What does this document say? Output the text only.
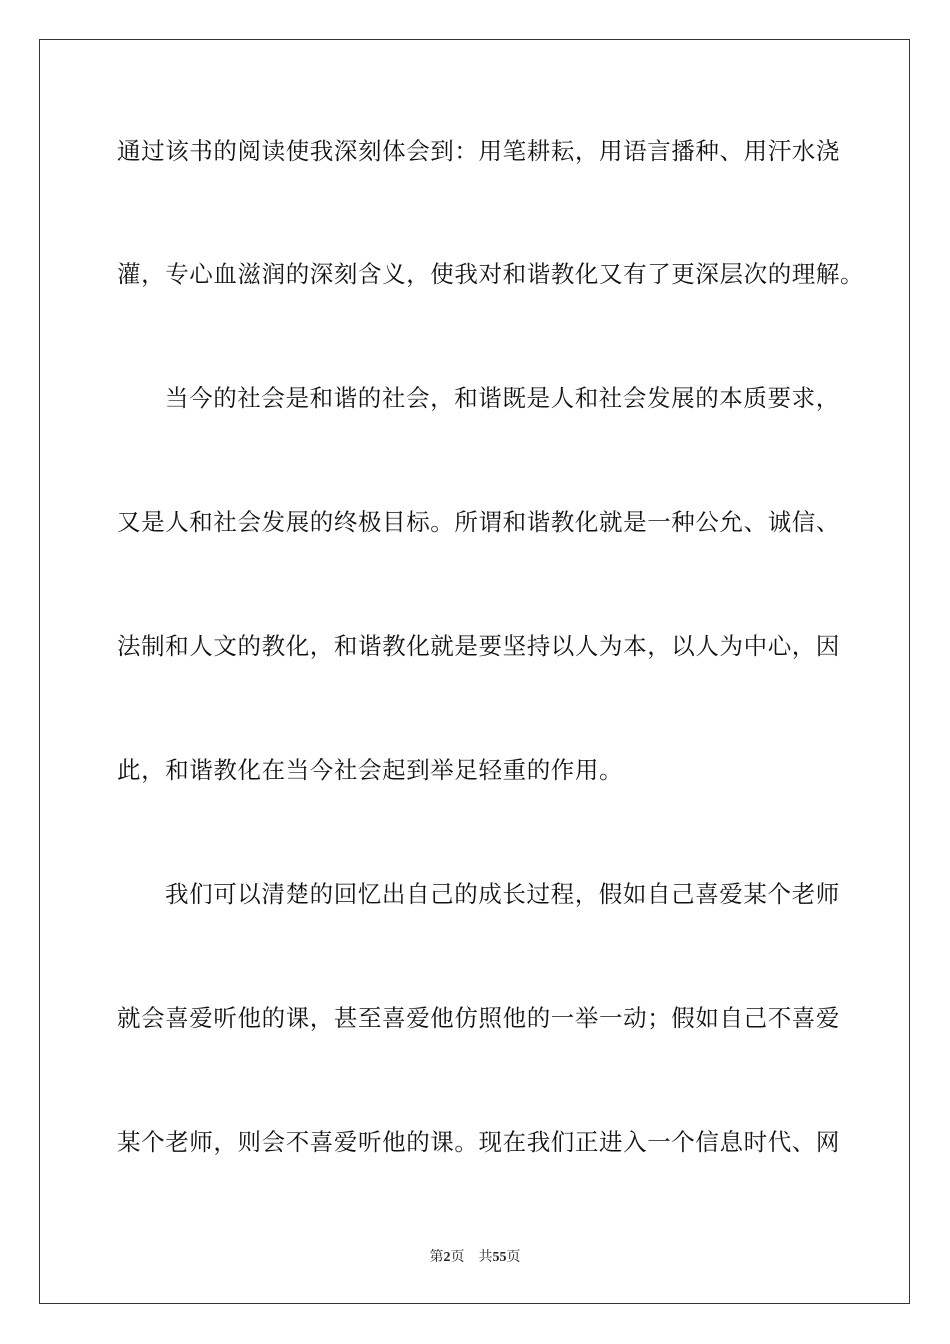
通过该书的阅读使我深刻体会到：用笔耕耘，用语言播种、用汗水浇
灌，专心血滋润的深刻含义，使我对和谐教化又有了更深层次的理解。
当今的社会是和谐的社会，和谐既是人和社会发展的本质要求，
又是人和社会发展的终极目标。所谓和谐教化就是一种公允、诚信、
法制和人文的教化，和谐教化就是要坚持以人为本，以人为中心，因
此，和谐教化在当今社会起到举足轻重的作用。
我们可以清楚的回忆出自己的成长过程，假如自己喜爱某个老师
就会喜爱听他的课，甚至喜爱他仿照他的一举一动；假如自己不喜爱
某个老师，则会不喜爱听他的课。现在我们正进入一个信息时代、网
第2页 共55页
